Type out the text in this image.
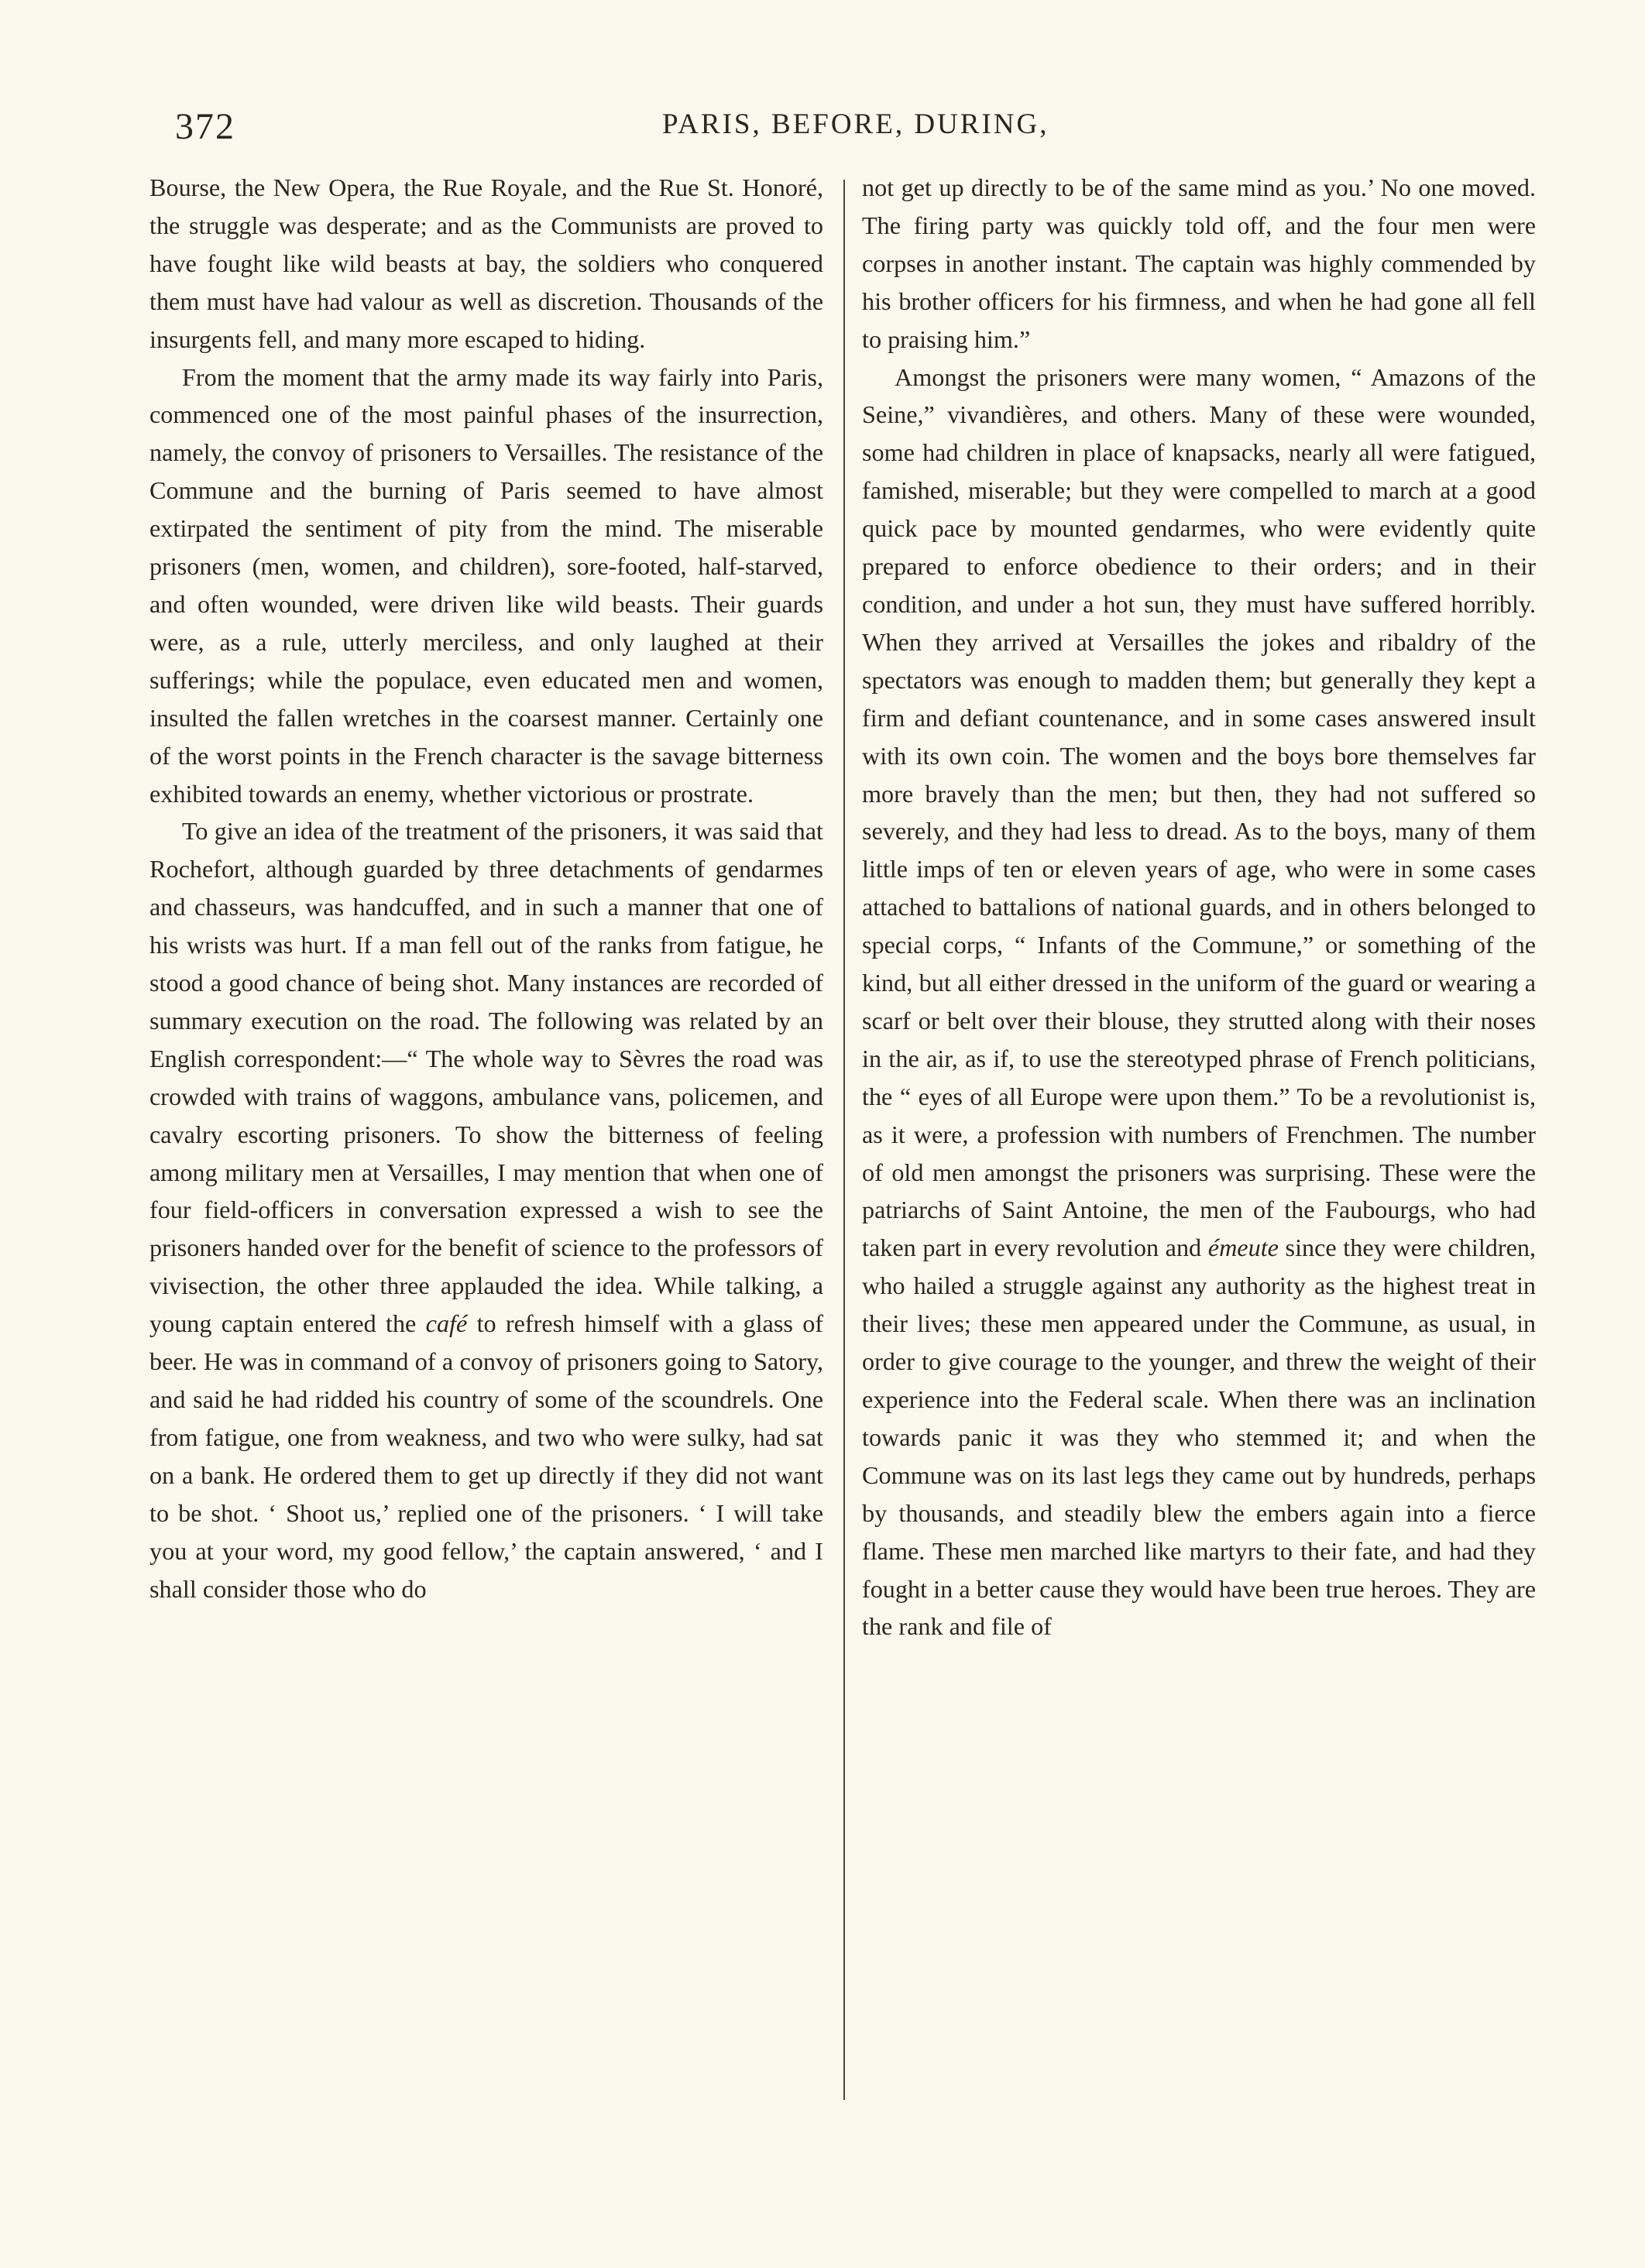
372	PARIS, BEFORE, DURING,

Bourse, the New Opera, the Rue Royale, and the Rue St. Honoré, the struggle was desperate; and as the Communists are proved to have fought like wild beasts at bay, the soldiers who conquered them must have had valour as well as discretion. Thousands of the insurgents fell, and many more escaped to hiding.

From the moment that the army made its way fairly into Paris, commenced one of the most painful phases of the insurrection, namely, the convoy of prisoners to Versailles. The resistance of the Commune and the burning of Paris seemed to have almost extirpated the sentiment of pity from the mind. The miserable prisoners (men, women, and children), sore-footed, half-starved, and often wounded, were driven like wild beasts. Their guards were, as a rule, utterly merciless, and only laughed at their sufferings; while the populace, even educated men and women, insulted the fallen wretches in the coarsest manner. Certainly one of the worst points in the French character is the savage bitterness exhibited towards an enemy, whether victorious or prostrate.

To give an idea of the treatment of the prisoners, it was said that Rochefort, although guarded by three detachments of gendarmes and chasseurs, was handcuffed, and in such a manner that one of his wrists was hurt. If a man fell out of the ranks from fatigue, he stood a good chance of being shot. Many instances are recorded of summary execution on the road. The following was related by an English correspondent:—“ The whole way to Sèvres the road was crowded with trains of waggons, ambulance vans, policemen, and cavalry escorting prisoners. To show the bitterness of feeling among military men at Versailles, I may mention that when one of four field-officers in conversation expressed a wish to see the prisoners handed over for the benefit of science to the professors of vivisection, the other three applauded the idea. While talking, a young captain entered the café to refresh himself with a glass of beer. He was in command of a convoy of prisoners going to Satory, and said he had ridded his country of some of the scoundrels. One from fatigue, one from weakness, and two who were sulky, had sat on a bank. He ordered them to get up directly if they did not want to be shot. ‘ Shoot us,’ replied one of the prisoners. ‘ I will take you at your word, my good fellow,’ the captain answered, ‘ and I shall consider those who do

not get up directly to be of the same mind as you.’ No one moved. The firing party was quickly told off, and the four men were corpses in another instant. The captain was highly commended by his brother officers for his firmness, and when he had gone all fell to praising him.”

Amongst the prisoners were many women, “ Amazons of the Seine,” vivandières, and others. Many of these were wounded, some had children in place of knapsacks, nearly all were fatigued, famished, miserable; but they were compelled to march at a good quick pace by mounted gendarmes, who were evidently quite prepared to enforce obedience to their orders; and in their condition, and under a hot sun, they must have suffered horribly. When they arrived at Versailles the jokes and ribaldry of the spectators was enough to madden them; but generally they kept a firm and defiant countenance, and in some cases answered insult with its own coin. The women and the boys bore themselves far more bravely than the men; but then, they had not suffered so severely, and they had less to dread. As to the boys, many of them little imps of ten or eleven years of age, who were in some cases attached to battalions of national guards, and in others belonged to special corps, “ Infants of the Commune,” or something of the kind, but all either dressed in the uniform of the guard or wearing a scarf or belt over their blouse, they strutted along with their noses in the air, as if, to use the stereotyped phrase of French politicians, the “ eyes of all Europe were upon them.” To be a revolutionist is, as it were, a profession with numbers of Frenchmen. The number of old men amongst the prisoners was surprising. These were the patriarchs of Saint Antoine, the men of the Faubourgs, who had taken part in every revolution and émeute since they were children, who hailed a struggle against any authority as the highest treat in their lives; these men appeared under the Commune, as usual, in order to give courage to the younger, and threw the weight of their experience into the Federal scale. When there was an inclination towards panic it was they who stemmed it; and when the Commune was on its last legs they came out by hundreds, perhaps by thousands, and steadily blew the embers again into a fierce flame. These men marched like martyrs to their fate, and had they fought in a better cause they would have been true heroes. They are the rank and file of
